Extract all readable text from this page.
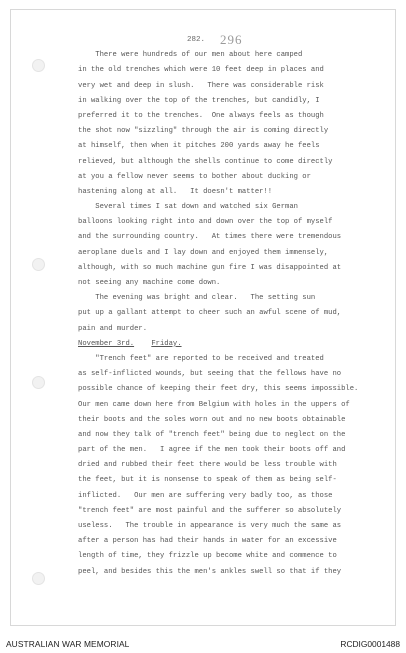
282. 296
There were hundreds of our men about here camped
in the old trenches which were 10 feet deep in places and
very wet and deep in slush.   There was considerable risk
in walking over the top of the trenches, but candidly, I
preferred it to the trenches.  One always feels as though
the shot now "sizzling" through the air is coming directly
at himself, then when it pitches 200 yards away he feels
relieved, but although the shells continue to come directly
at you a fellow never seems to bother about ducking or
hastening along at all.   It doesn't matter!!
Several times I sat down and watched six German
balloons looking right into and down over the top of myself
and the surrounding country.   At times there were tremendous
aeroplane duels and I lay down and enjoyed them immensely,
although, with so much machine gun fire I was disappointed at
not seeing any machine come down.
The evening was bright and clear.   The setting sun
put up a gallant attempt to cheer such an awful scene of mud,
pain and murder.
November 3rd. Friday.
"Trench feet" are reported to be received and treated
as self-inflicted wounds, but seeing that the fellows have no
possible chance of keeping their feet dry, this seems impossible.
Our men came down here from Belgium with holes in the uppers of
their boots and the soles worn out and no new boots obtainable
and now they talk of "trench feet" being due to neglect on the
part of the men.   I agree if the men took their boots off and
dried and rubbed their feet there would be less trouble with
the feet, but it is nonsense to speak of them as being self-
inflicted.   Our men are suffering very badly too, as those
"trench feet" are most painful and the sufferer so absolutely
useless.   The trouble in appearance is very much the same as
after a person has had their hands in water for an excessive
length of time, they frizzle up become white and commence to
peel, and besides this the men's ankles swell so that if they
AUSTRALIAN WAR MEMORIAL	RCDIG0001488
